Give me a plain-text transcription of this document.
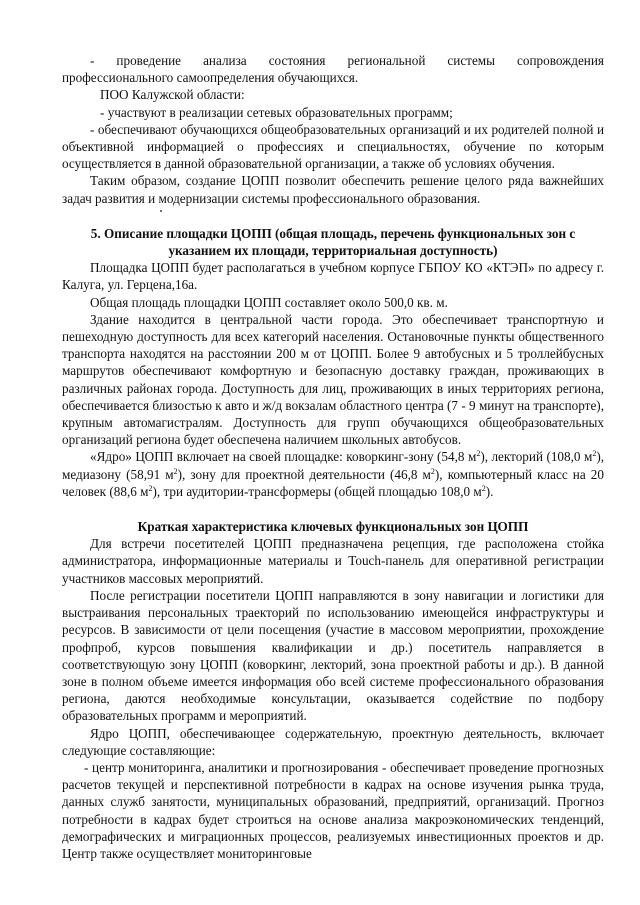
- проведение анализа состояния региональной системы сопровождения профессионального самоопределения обучающихся.

ПОО Калужской области:

- участвуют в реализации сетевых образовательных программ;

- обеспечивают обучающихся общеобразовательных организаций и их родителей полной и объективной информацией о профессиях и специальностях, обучение по которым осуществляется в данной образовательной организации, а также об условиях обучения.

Таким образом, создание ЦОПП позволит обеспечить решение целого ряда важнейших задач развития и модернизации системы профессионального образования.

5. Описание площадки ЦОПП (общая площадь, перечень функциональных зон с указанием их площади, территориальная доступность)

Площадка ЦОПП будет располагаться в учебном корпусе ГБПОУ КО «КТЭП» по адресу г. Калуга, ул. Герцена,16а.

Общая площадь площадки ЦОПП составляет около 500,0 кв. м.

Здание находится в центральной части города. Это обеспечивает транспортную и пешеходную доступность для всех категорий населения. Остановочные пункты общественного транспорта находятся на расстоянии 200 м от ЦОПП. Более 9 автобусных и 5 троллейбусных маршрутов обеспечивают комфортную и безопасную доставку граждан, проживающих в различных районах города. Доступность для лиц, проживающих в иных территориях региона, обеспечивается близостью к авто и ж/д вокзалам областного центра (7 - 9 минут на транспорте), крупным автомагистралям. Доступность для групп обучающихся общеобразовательных организаций региона будет обеспечена наличием школьных автобусов.

«Ядро» ЦОПП включает на своей площадке: коворкинг-зону (54,8 $м^2$), лекторий (108,0 $м^2$), медиазону (58,91 $м^2$), зону для проектной деятельности (46,8 $м^2$), компьютерный класс на 20 человек (88,6 $м^2$), три аудитории-трансформеры (общей площадью 108,0 $м^2$).

Краткая характеристика ключевых функциональных зон ЦОПП

Для встречи посетителей ЦОПП предназначена рецепция, где расположена стойка администратора, информационные материалы и Touch-панель для оперативной регистрации участников массовых мероприятий.

После регистрации посетители ЦОПП направляются в зону навигации и логистики для выстраивания персональных траекторий по использованию имеющейся инфраструктуры и ресурсов. В зависимости от цели посещения (участие в массовом мероприятии, прохождение профпроб, курсов повышения квалификации и др.) посетитель направляется в соответствующую зону ЦОПП (коворкинг, лекторий, зона проектной работы и др.). В данной зоне в полном объеме имеется информация обо всей системе профессионального образования региона, даются необходимые консультации, оказывается содействие по подбору образовательных программ и мероприятий.

Ядро ЦОПП, обеспечивающее содержательную, проектную деятельность, включает следующие составляющие:

- центр мониторинга, аналитики и прогнозирования - обеспечивает проведение прогнозных расчетов текущей и перспективной потребности в кадрах на основе изучения рынка труда, данных служб занятости, муниципальных образований, предприятий, организаций. Прогноз потребности в кадрах будет строиться на основе анализа макроэкономических тенденций, демографических и миграционных процессов, реализуемых инвестиционных проектов и др. Центр также осуществляет мониторинговые
